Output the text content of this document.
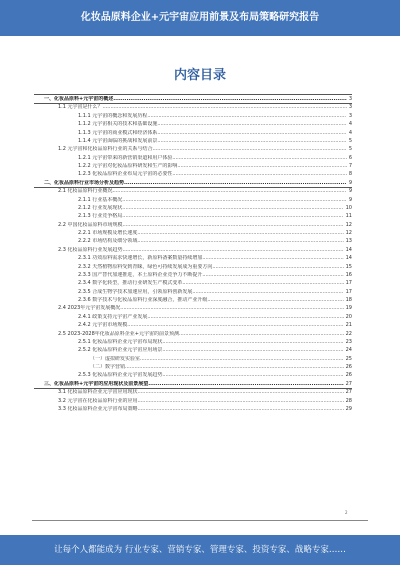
化妆品原料企业+元宇宙应用前景及布局策略研究报告
内容目录
一、化妆品原料+元宇宙的概述........................................................................................................................... 3
1.1 元宇宙是什么？.......................................................................................................................................................... 3
1.1.1 元宇宙的概念和发展历程............................................................................................................................. 3
1.1.2 元宇宙相关的技术和基础设施....................................................................................................................... 4
1.1.3 元宇宙的商业模式和经济体系....................................................................................................................... 4
1.1.4 元宇宙面临的挑战和发展前景....................................................................................................................... 5
1.2 元宇宙和化妆品原料行业的关系与结合.......................................................................................................................... 5
1.2.1 元宇宙带来的新营销渠道和用户体验.............................................................................................................. 6
1.2.2 元宇宙对化妆品原料研发和生产的影响........................................................................................................... 7
1.2.3 化妆品原料企业布局元宇宙的必要性.............................................................................................................. 8
二、化妆品原料行业市场分析及趋势..................................................................................................................... 9
2.1 化妆品原料行业概况................................................................................................................................................... 9
2.1.1 行业基本概况............................................................................................................................................. 9
2.1.2 行业发展现状........................................................................................................................................... 10
2.1.3 行业竞争格局........................................................................................................................................... 11
2.2 中国化妆品原料市场规模........................................................................................................................................... 12
2.2.1 市场规模及增长速度.................................................................................................................................. 12
2.2.2 市场结构及细分领域.................................................................................................................................. 13
2.3 化妆品原料行业发展趋势........................................................................................................................................... 14
2.3.1 功效原料需求快速增长，新原料备案数量持续增加......................................................................................... 14
2.3.2 天然植物原料受到青睐，绿色可持续发展成为重要方向................................................................................... 15
2.3.3 国产替代加速推进，本土原料企业竞争力不断提升......................................................................................... 16
2.3.4 数字化转型，推动行业研发生产模式变革...................................................................................................... 17
2.3.5 合成生物学技术加速应用，引领原料创新发展............................................................................................... 17
2.3.6 数字技术与化妆品原料行业深度融合，推动产业升级...................................................................................... 18
2.4 2023年元宇宙发展概况............................................................................................................................................. 19
2.4.1 政策支持元宇宙产业发展............................................................................................................................ 20
2.4.2 元宇宙市场规模........................................................................................................................................ 21
2.5 2023-2028年化妆品原料企业+元宇宙的前景预测........................................................................................................ 22
2.5.1 化妆品原料企业元宇宙布局现状.................................................................................................................. 23
2.5.2 化妆品原料企业元宇宙应用场景.................................................................................................................. 24
（一）虚拟研发实验室................................................................................................................................ 25
（二）数字营销.......................................................................................................................................... 26
2.5.3 化妆品原料企业元宇宙发展趋势.................................................................................................................. 26
三、化妆品原料+元宇宙的应用现状及前景展望....................................................................................................... 27
3.1 化妆品原料企业元宇宙应用现状.................................................................................................................................. 27
3.2 元宇宙在化妆品原料行业的应用.................................................................................................................................. 28
3.3 化妆品原料企业元宇宙布局策略.................................................................................................................................. 29
2
让每个人都能成为 行业专家、营销专家、管理专家、投资专家、战略专家……
